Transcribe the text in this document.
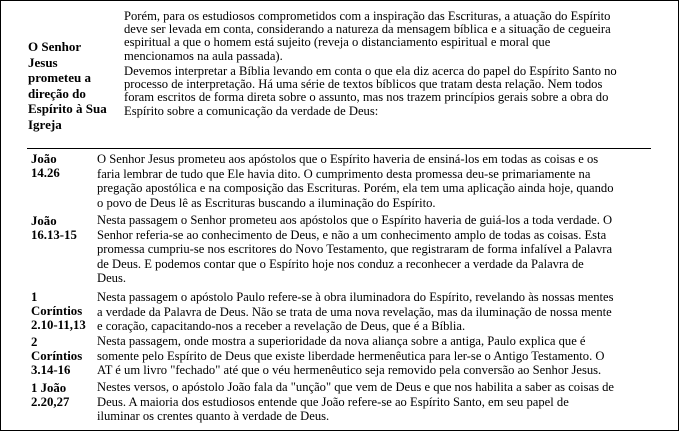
O Senhor
Jesus
prometeu a
direção do
Espírito à Sua
Igreja
Porém, para os estudiosos comprometidos com a inspiração das Escrituras, a atuação do Espírito
deve ser levada em conta, considerando a natureza da mensagem bíblica e a situação de cegueira
espiritual a que o homem está sujeito (reveja o distanciamento espiritual e moral que
mencionamos na aula passada).
Devemos interpretar a Bíblia levando em conta o que ela diz acerca do papel do Espírito Santo no
processo de interpretação. Há uma série de textos bíblicos que tratam desta relação. Nem todos
foram escritos de forma direta sobre o assunto, mas nos trazem princípios gerais sobre a obra do
Espírito sobre a comunicação da verdade de Deus:
João
14.26
O Senhor Jesus prometeu aos apóstolos que o Espírito haveria de ensiná-los em todas as coisas e os
faria lembrar de tudo que Ele havia dito. O cumprimento desta promessa deu-se primariamente na
pregação apostólica e na composição das Escrituras. Porém, ela tem uma aplicação ainda hoje, quando
o povo de Deus lê as Escrituras buscando a iluminação do Espírito.
João
16.13-15
Nesta passagem o Senhor prometeu aos apóstolos que o Espírito haveria de guiá-los a toda verdade. O
Senhor referia-se ao conhecimento de Deus, e não a um conhecimento amplo de todas as coisas. Esta
promessa cumpriu-se nos escritores do Novo Testamento, que registraram de forma infalível a Palavra
de Deus. E podemos contar que o Espírito hoje nos conduz a reconhecer a verdade da Palavra de
Deus.
1
Coríntios
2.10-11,13
Nesta passagem o apóstolo Paulo refere-se à obra iluminadora do Espírito, revelando às nossas mentes
a verdade da Palavra de Deus. Não se trata de uma nova revelação, mas da iluminação de nossa mente
e coração, capacitando-nos a receber a revelação de Deus, que é a Bíblia.
2
Coríntios
3.14-16
Nesta passagem, onde mostra a superioridade da nova aliança sobre a antiga, Paulo explica que é
somente pelo Espírito de Deus que existe liberdade hermenêutica para ler-se o Antigo Testamento. O
AT é um livro "fechado" até que o véu hermenêutico seja removido pela conversão ao Senhor Jesus.
1 João
2.20,27
Nestes versos, o apóstolo João fala da "unção" que vem de Deus e que nos habilita a saber as coisas de
Deus. A maioria dos estudiosos entende que João refere-se ao Espírito Santo, em seu papel de
iluminar os crentes quanto à verdade de Deus.
